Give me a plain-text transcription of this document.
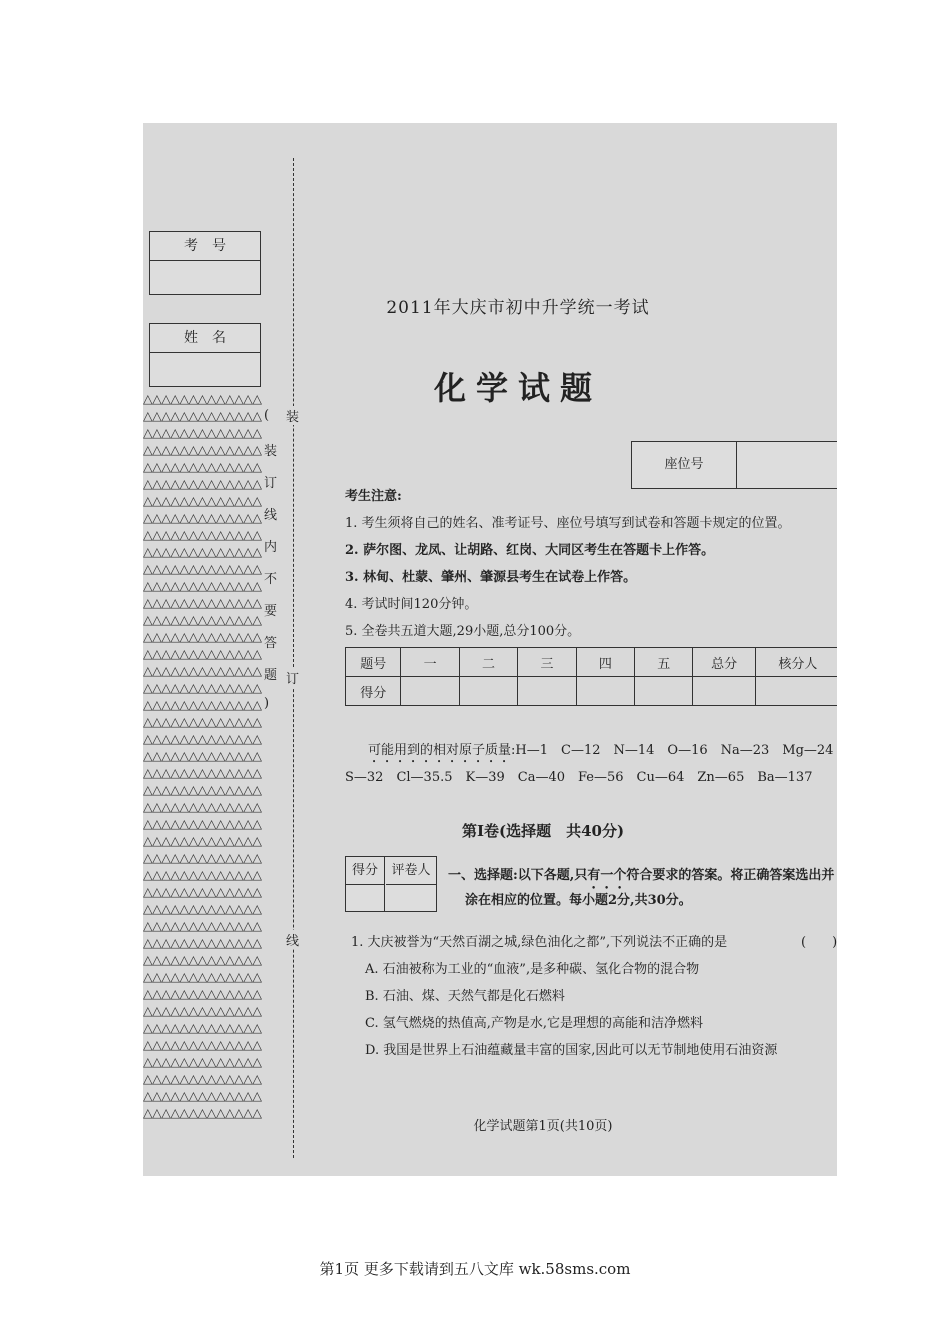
考　号
姓　名
△△△△△△△△△△△△△
△△△△△△△△△△△△△
△△△△△△△△△△△△△
△△△△△△△△△△△△△
△△△△△△△△△△△△△
△△△△△△△△△△△△△
△△△△△△△△△△△△△
△△△△△△△△△△△△△
△△△△△△△△△△△△△
△△△△△△△△△△△△△
△△△△△△△△△△△△△
△△△△△△△△△△△△△
△△△△△△△△△△△△△
△△△△△△△△△△△△△
△△△△△△△△△△△△△
△△△△△△△△△△△△△
△△△△△△△△△△△△△
△△△△△△△△△△△△△
△△△△△△△△△△△△△
△△△△△△△△△△△△△
△△△△△△△△△△△△△
△△△△△△△△△△△△△
△△△△△△△△△△△△△
△△△△△△△△△△△△△
△△△△△△△△△△△△△
△△△△△△△△△△△△△
△△△△△△△△△△△△△
△△△△△△△△△△△△△
△△△△△△△△△△△△△
△△△△△△△△△△△△△
△△△△△△△△△△△△△
△△△△△△△△△△△△△
△△△△△△△△△△△△△
△△△△△△△△△△△△△
△△△△△△△△△△△△△
△△△△△△△△△△△△△
△△△△△△△△△△△△△
△△△△△△△△△△△△△
△△△△△△△△△△△△△
△△△△△△△△△△△△△
△△△△△△△△△△△△△
△△△△△△△△△△△△△
△△△△△△△△△△△△△
(
装
订
线
内
不
要
答
题
)
装
订
线
2011年大庆市初中升学统一考试
化学试题
座位号
考生注意:
1. 考生须将自己的姓名、准考证号、座位号填写到试卷和答题卡规定的位置。
2. 萨尔图、龙凤、让胡路、红岗、大同区考生在答题卡上作答。
3. 林甸、杜蒙、肇州、肇源县考生在试卷上作答。
4. 考试时间120分钟。
5. 全卷共五道大题,29小题,总分100分。
题号	一	二	三	四	五	总分	核分人
得分							
可能用到的相对原子质量:H—1　C—12　N—14　O—16　Na—23　Mg—24
S—32　Cl—35.5　K—39　Ca—40　Fe—56　Cu—64　Zn—65　Ba—137
第Ⅰ卷(选择题　共40分)
得分	评卷人	一、选择题:以下各题,只有一个符合要求的答案。将正确答案选出并
涂在相应的位置。每小题2分,共30分。
1. 大庆被誉为“天然百湖之城,绿色油化之都”,下列说法不正确的是	(　　)
A. 石油被称为工业的“血液”,是多种碳、氢化合物的混合物
B. 石油、煤、天然气都是化石燃料
C. 氢气燃烧的热值高,产物是水,它是理想的高能和洁净燃料
D. 我国是世界上石油蕴藏量丰富的国家,因此可以无节制地使用石油资源
化学试题第1页(共10页)
第1页 更多下载请到五八文库 wk.58sms.com
